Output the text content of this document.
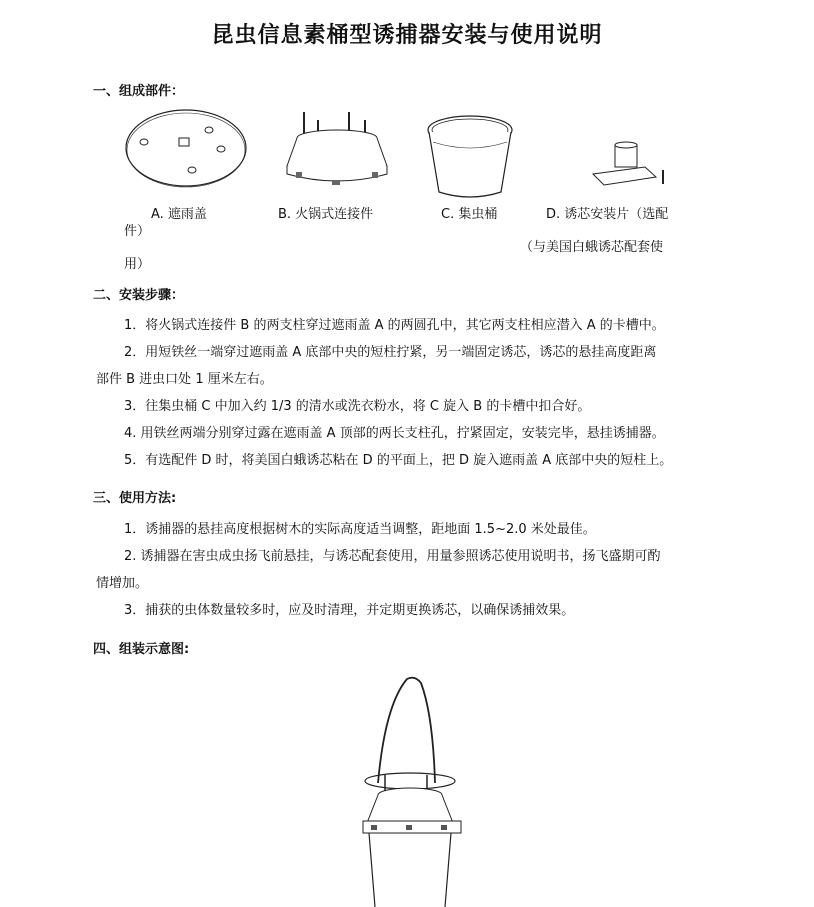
昆虫信息素桶型诱捕器安装与使用说明
一、组成部件：
A. 遮雨盖	B. 火锅式连接件	C. 集虫桶	D. 诱芯安装片（选配
件）
（与美国白蛾诱芯配套使
用）
二、安装步骤：
1．将火锅式连接件 B 的两支柱穿过遮雨盖 A 的两圆孔中，其它两支柱相应潜入 A 的卡槽中。
2．用短铁丝一端穿过遮雨盖 A 底部中央的短柱拧紧，另一端固定诱芯，诱芯的悬挂高度距离
部件 B 进虫口处 1 厘米左右。
3．往集虫桶 C 中加入约 1/3 的清水或洗衣粉水，将 C 旋入 B 的卡槽中扣合好。
4. 用铁丝两端分别穿过露在遮雨盖 A 顶部的两长支柱孔，拧紧固定，安装完毕，悬挂诱捕器。
5．有选配件 D 时，将美国白蛾诱芯粘在 D 的平面上，把 D 旋入遮雨盖 A 底部中央的短柱上。
三、使用方法:
1．诱捕器的悬挂高度根据树木的实际高度适当调整，距地面 1.5~2.0 米处最佳。
2. 诱捕器在害虫成虫扬飞前悬挂，与诱芯配套使用，用量参照诱芯使用说明书，扬飞盛期可酌
情增加。
3．捕获的虫体数量较多时，应及时清理，并定期更换诱芯，以确保诱捕效果。
四、组装示意图:
